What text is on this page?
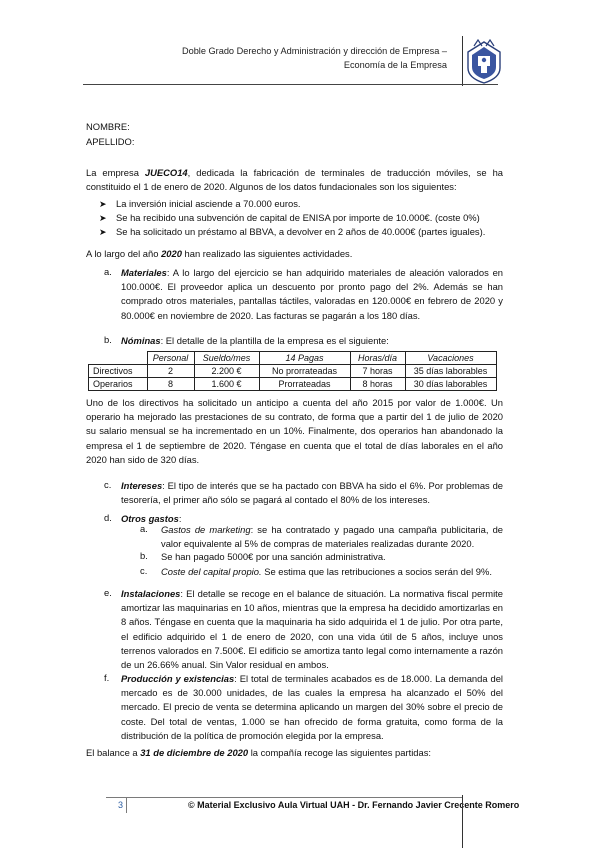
Doble Grado Derecho y Administración y dirección de Empresa –
Economía de la Empresa
NOMBRE:
APELLIDO:

La empresa JUECO14, dedicada la fabricación de terminales de traducción móviles, se ha constituido el 1 de enero de 2020. Algunos de los datos fundacionales son los siguientes:

➤ La inversión inicial asciende a 70.000 euros.
➤ Se ha recibido una subvención de capital de ENISA por importe de 10.000€. (coste 0%)
➤ Se ha solicitado un préstamo al BBVA, a devolver en 2 años de 40.000€ (partes iguales).

A lo largo del año 2020 han realizado las siguientes actividades.

a. Materiales: A lo largo del ejercicio se han adquirido materiales de aleación valorados en 100.000€. El proveedor aplica un descuento por pronto pago del 2%. Además se han comprado otros materiales, pantallas táctiles, valoradas en 120.000€ en febrero de 2020 y 80.000€ en noviembre de 2020. Las facturas se pagarán a los 180 días.

b. Nóminas: El detalle de la plantilla de la empresa es el siguiente:

	Personal	Sueldo/mes	14 Pagas	Horas/día	Vacaciones
Directivos	2	2.200 €	No prorrateadas	7 horas	35 días laborables
Operarios	8	1.600 €	Prorrateadas	8 horas	30 días laborables

Uno de los directivos ha solicitado un anticipo a cuenta del año 2015 por valor de 1.000€. Un operario ha mejorado las prestaciones de su contrato, de forma que a partir del 1 de julio de 2020 su salario mensual se ha incrementado en un 10%. Finalmente, dos operarios han abandonado la empresa el 1 de septiembre de 2020. Téngase en cuenta que el total de días laborales en el año 2020 han sido de 320 días.

c. Intereses: El tipo de interés que se ha pactado con BBVA ha sido el 6%. Por problemas de tesorería, el primer año sólo se pagará al contado el 80% de los intereses.

d. Otros gastos:

a. Gastos de marketing: se ha contratado y pagado una campaña publicitaria, de valor equivalente al 5% de compras de materiales realizadas durante 2020.

b. Se han pagado 5000€ por una sanción administrativa.

c. Coste del capital propio. Se estima que las retribuciones a socios serán del 9%.

e. Instalaciones: El detalle se recoge en el balance de situación. La normativa fiscal permite amortizar las maquinarias en 10 años, mientras que la empresa ha decidido amortizarlas en 8 años. Téngase en cuenta que la maquinaria ha sido adquirida el 1 de julio. Por otra parte, el edificio adquirido el 1 de enero de 2020, con una vida útil de 5 años, incluye unos terrenos valorados en 7.500€. El edificio se amortiza tanto legal como internamente a razón de un 26.66% anual. Sin Valor residual en ambos.

f. Producción y existencias: El total de terminales acabados es de 18.000. La demanda del mercado es de 30.000 unidades, de las cuales la empresa ha alcanzado el 50% del mercado. El precio de venta se determina aplicando un margen del 30% sobre el precio de coste. Del total de ventas, 1.000 se han ofrecido de forma gratuita, como forma de la distribución de la política de promoción elegida por la empresa.

El balance a 31 de diciembre de 2020 la compañía recoge las siguientes partidas:

3	© Material Exclusivo Aula Virtual UAH - Dr. Fernando Javier Crecente Romero
